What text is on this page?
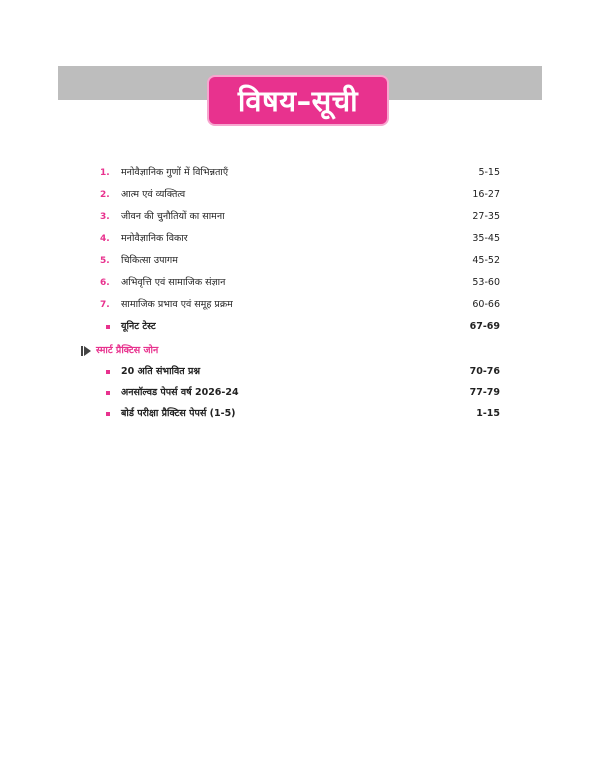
विषय–सूची
1.	मनोवैज्ञानिक गुणों में विभिन्नताएँ	5-15
2.	आत्म एवं व्यक्तित्व	16-27
3.	जीवन की चुनौतियों का सामना	27-35
4.	मनोवैज्ञानिक विकार	35-45
5.	चिकित्सा उपागम	45-52
6.	अभिवृत्ति एवं सामाजिक संज्ञान	53-60
7.	सामाजिक प्रभाव एवं समूह प्रक्रम	60-66
यूनिट टेस्ट	67-69
स्मार्ट प्रैक्टिस जोन
20 अति संभावित प्रश्न	70-76
अनसॉल्वड पेपर्स वर्ष 2026-24	77-79
बोर्ड परीक्षा प्रैक्टिस पेपर्स (1-5)	1-15
